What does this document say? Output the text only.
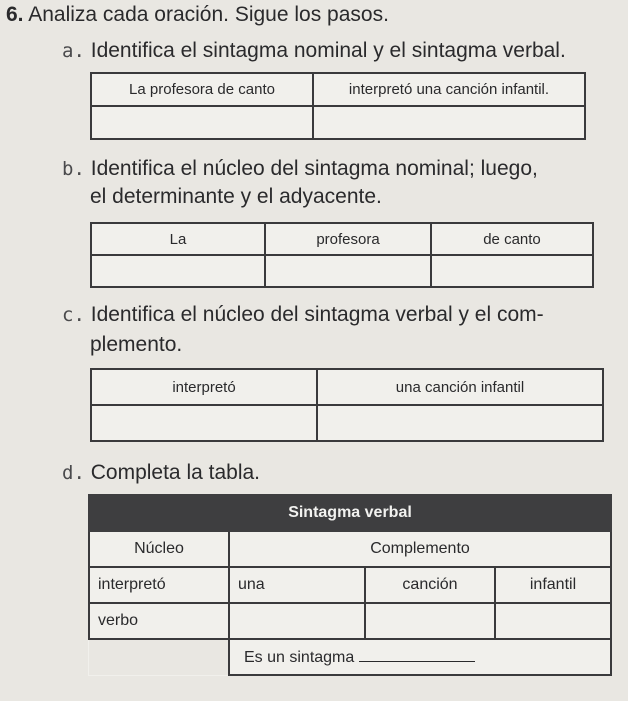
6. Analiza cada oración. Sigue los pasos.
a. Identifica el sintagma nominal y el sintagma verbal.
La profesora de canto	interpretó una canción infantil.

b. Identifica el núcleo del sintagma nominal; luego,
el determinante y el adyacente.
La	profesora	de canto

c. Identifica el núcleo del sintagma verbal y el com-
plemento.
interpretó	una canción infantil

d. Completa la tabla.
Sintagma verbal			
Núcleo	Complemento		
interpretó	una	canción	infantil
verbo			
	Es un sintagma		
